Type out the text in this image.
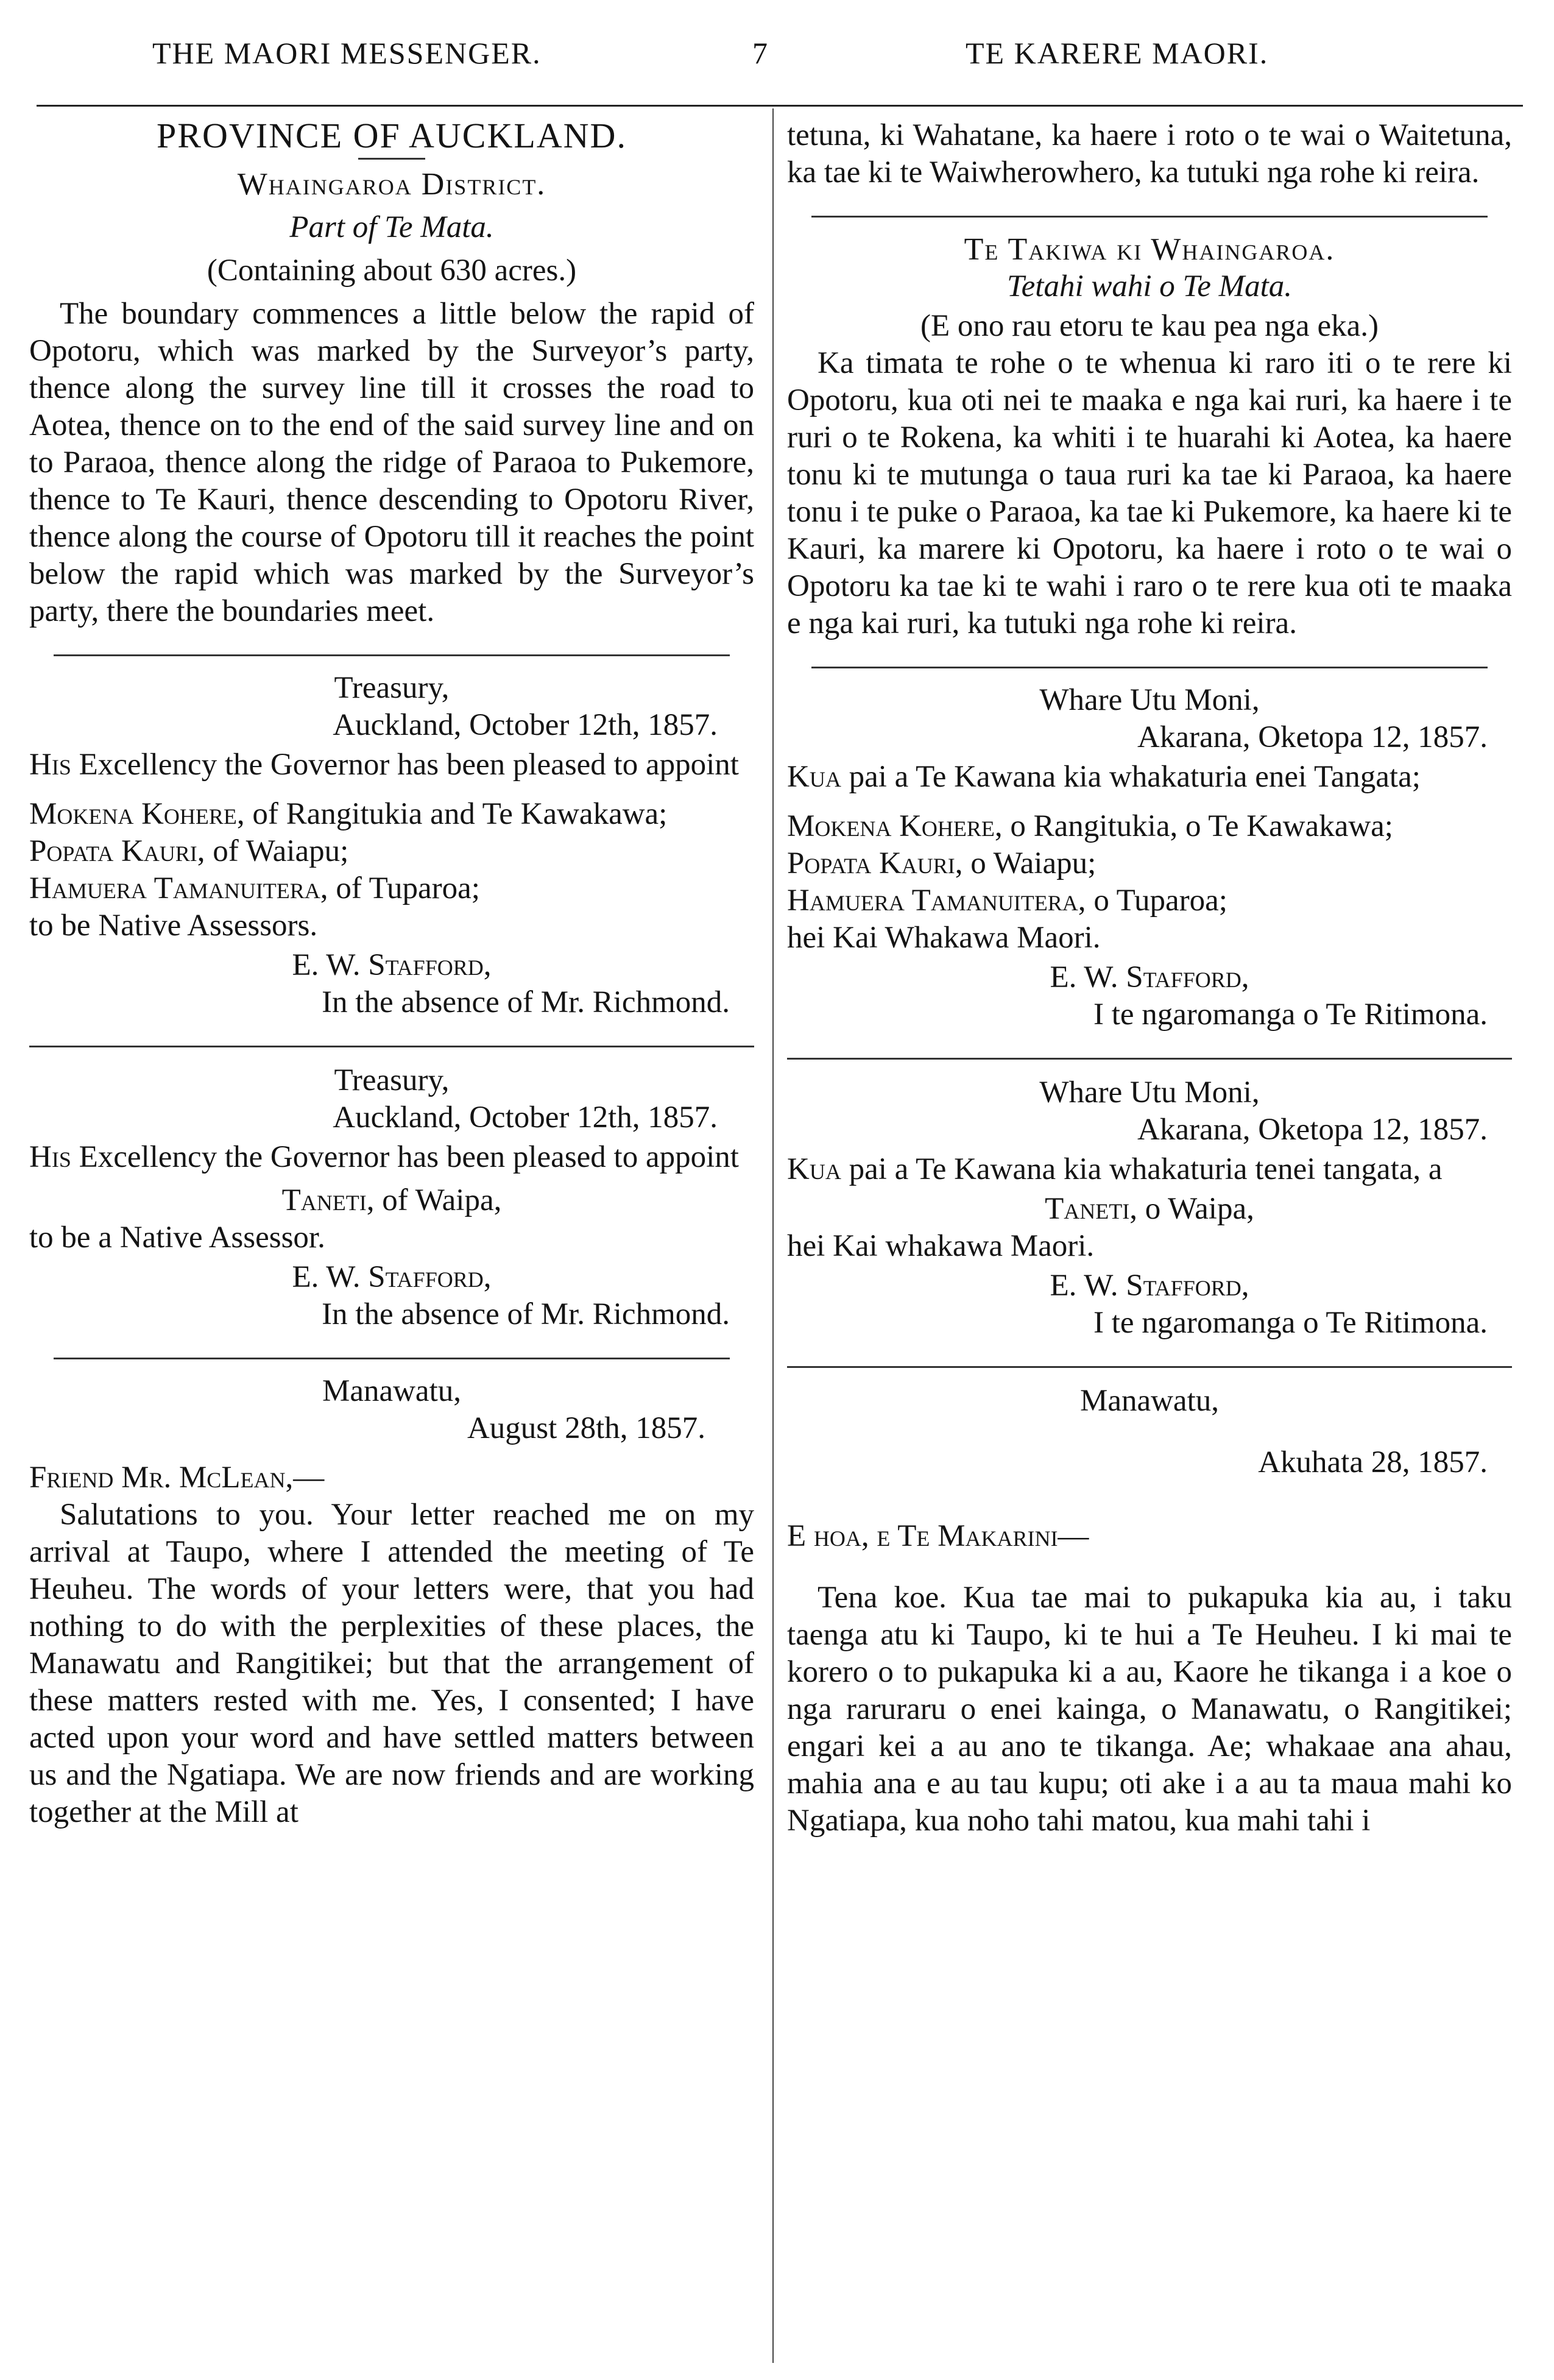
THE MAORI MESSENGER.	7	TE KARERE MAORI.

PROVINCE OF AUCKLAND.

Whaingaroa District.

Part of Te Mata.

(Containing about 630 acres.)

The boundary commences a little below the rapid of Opotoru, which was marked by the Surveyor’s party, thence along the survey line till it crosses the road to Aotea, thence on to the end of the said survey line and on to Paraoa, thence along the ridge of Paraoa to Pukemore, thence to Te Kauri, thence descending to Opotoru River, thence along the course of Opotoru till it reaches the point below the rapid which was marked by the Surveyor’s party, there the boundaries meet.

Treasury,

Auckland, October 12th, 1857.

His Excellency the Governor has been pleased to appoint

Mokena Kohere, of Rangitukia and Te Kawakawa;

Popata Kauri, of Waiapu;

Hamuera Tamanuitera, of Tuparoa;

to be Native Assessors.

E. W. Stafford,

In the absence of Mr. Richmond.

Treasury,

Auckland, October 12th, 1857.

His Excellency the Governor has been pleased to appoint

Taneti, of Waipa,

to be a Native Assessor.

E. W. Stafford,

In the absence of Mr. Richmond.

Manawatu,

August 28th, 1857.

Friend Mr. McLean,—

Salutations to you. Your letter reached me on my arrival at Taupo, where I attended the meeting of Te Heuheu. The words of your letters were, that you had nothing to do with the perplexities of these places, the Manawatu and Rangitikei; but that the arrangement of these matters rested with me. Yes, I consented; I have acted upon your word and have settled matters between us and the Ngatiapa. We are now friends and are working together at the Mill at

tetuna, ki Wahatane, ka haere i roto o te wai o Waitetuna, ka tae ki te Waiwherowhero, ka tutuki nga rohe ki reira.

Te Takiwa ki Whaingaroa.

Tetahi wahi o Te Mata.

(E ono rau etoru te kau pea nga eka.)

Ka timata te rohe o te whenua ki raro iti o te rere ki Opotoru, kua oti nei te maaka e nga kai ruri, ka haere i te ruri o te Rokena, ka whiti i te huarahi ki Aotea, ka haere tonu ki te mutunga o taua ruri ka tae ki Paraoa, ka haere tonu i te puke o Paraoa, ka tae ki Pukemore, ka haere ki te Kauri, ka marere ki Opotoru, ka haere i roto o te wai o Opotoru ka tae ki te wahi i raro o te rere kua oti te maaka e nga kai ruri, ka tutuki nga rohe ki reira.

Whare Utu Moni,

Akarana, Oketopa 12, 1857.

Kua pai a Te Kawana kia whakaturia enei Tangata;

Mokena Kohere, o Rangitukia, o Te Kawakawa;

Popata Kauri, o Waiapu;

Hamuera Tamanuitera, o Tuparoa;

hei Kai Whakawa Maori.

E. W. Stafford,

I te ngaromanga o Te Ritimona.

Whare Utu Moni,

Akarana, Oketopa 12, 1857.

Kua pai a Te Kawana kia whakaturia tenei tangata, a

Taneti, o Waipa,

hei Kai whakawa Maori.

E. W. Stafford,

I te ngaromanga o Te Ritimona.

Manawatu,

Akuhata 28, 1857.

E hoa, e Te Makarini—

Tena koe. Kua tae mai to pukapuka kia au, i taku taenga atu ki Taupo, ki te hui a Te Heuheu. I ki mai te korero o to pukapuka ki a au, Kaore he tikanga i a koe o nga raruraru o enei kainga, o Manawatu, o Rangitikei; engari kei a au ano te tikanga. Ae; whakaae ana ahau, mahia ana e au tau kupu; oti ake i a au ta maua mahi ko Ngatiapa, kua noho tahi matou, kua mahi tahi i
